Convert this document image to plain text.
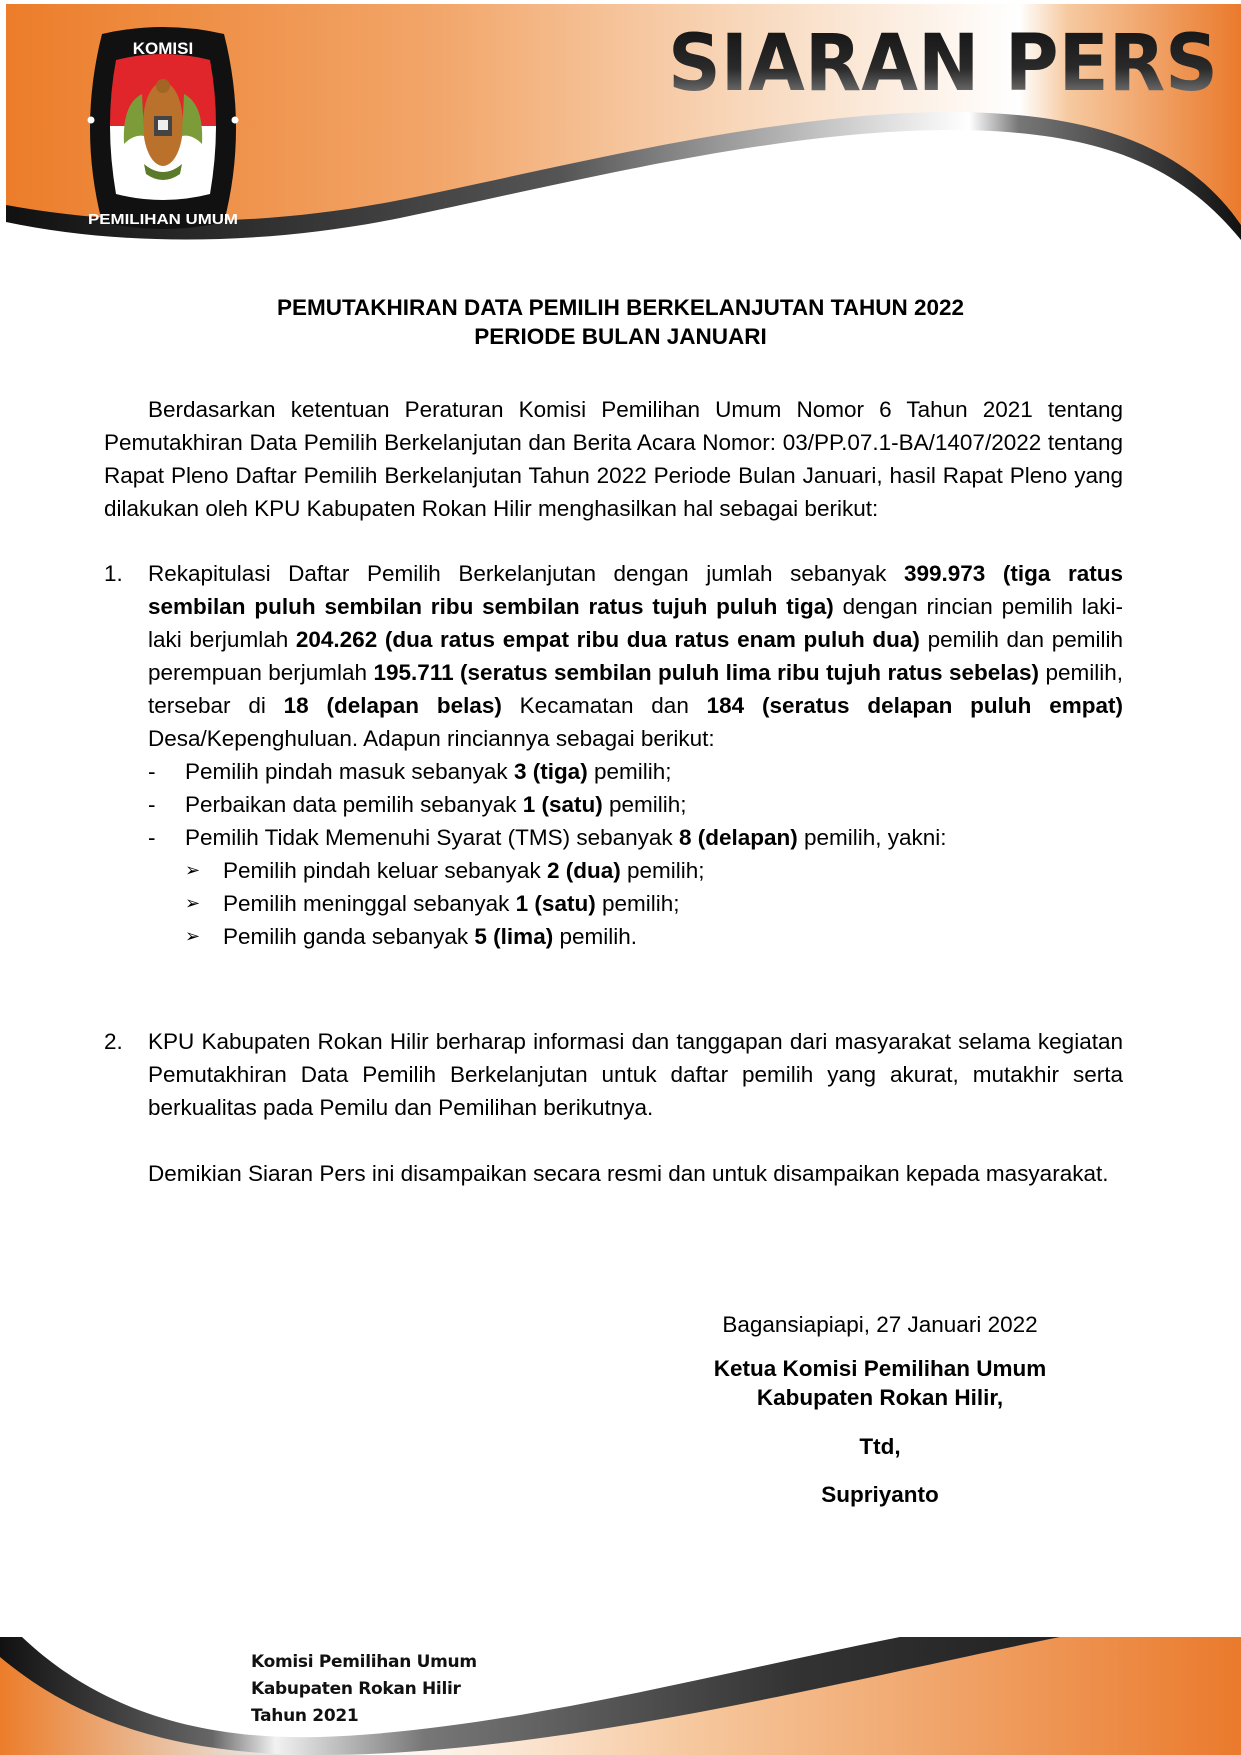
KOMISI
PEMILIHAN UMUM
SIARAN PERS
PEMUTAKHIRAN DATA PEMILIH BERKELANJUTAN TAHUN 2022
PERIODE BULAN JANUARI
Berdasarkan ketentuan Peraturan Komisi Pemilihan Umum Nomor 6 Tahun 2021 tentang Pemutakhiran Data Pemilih Berkelanjutan dan Berita Acara Nomor: 03/PP.07.1-BA/1407/2022 tentang Rapat Pleno Daftar Pemilih Berkelanjutan Tahun 2022 Periode Bulan Januari, hasil Rapat Pleno yang dilakukan oleh KPU Kabupaten Rokan Hilir menghasilkan hal sebagai berikut:
1.	Rekapitulasi Daftar Pemilih Berkelanjutan dengan jumlah sebanyak 399.973 (tiga ratus sembilan puluh sembilan ribu sembilan ratus tujuh puluh tiga) dengan rincian pemilih laki-laki berjumlah 204.262 (dua ratus empat ribu dua ratus enam puluh dua) pemilih dan pemilih perempuan berjumlah 195.711 (seratus sembilan puluh lima ribu tujuh ratus sebelas) pemilih, tersebar di 18 (delapan belas) Kecamatan dan 184 (seratus delapan puluh empat) Desa/Kepenghuluan. Adapun rinciannya sebagai berikut:
-	Pemilih pindah masuk sebanyak 3 (tiga) pemilih;
-	Perbaikan data pemilih sebanyak 1 (satu) pemilih;
-	Pemilih Tidak Memenuhi Syarat (TMS) sebanyak 8 (delapan) pemilih, yakni:
➢	Pemilih pindah keluar sebanyak 2 (dua) pemilih;
➢	Pemilih meninggal sebanyak 1 (satu) pemilih;
➢	Pemilih ganda sebanyak 5 (lima) pemilih.
2.	KPU Kabupaten Rokan Hilir berharap informasi dan tanggapan dari masyarakat selama kegiatan Pemutakhiran Data Pemilih Berkelanjutan untuk daftar pemilih yang akurat, mutakhir serta berkualitas pada Pemilu dan Pemilihan berikutnya.
Demikian Siaran Pers ini disampaikan secara resmi dan untuk disampaikan kepada masyarakat.
Bagansiapiapi, 27 Januari 2022
Ketua Komisi Pemilihan Umum
Kabupaten Rokan Hilir,
Ttd,
Supriyanto
Komisi Pemilihan Umum
Kabupaten Rokan Hilir
Tahun 2021
